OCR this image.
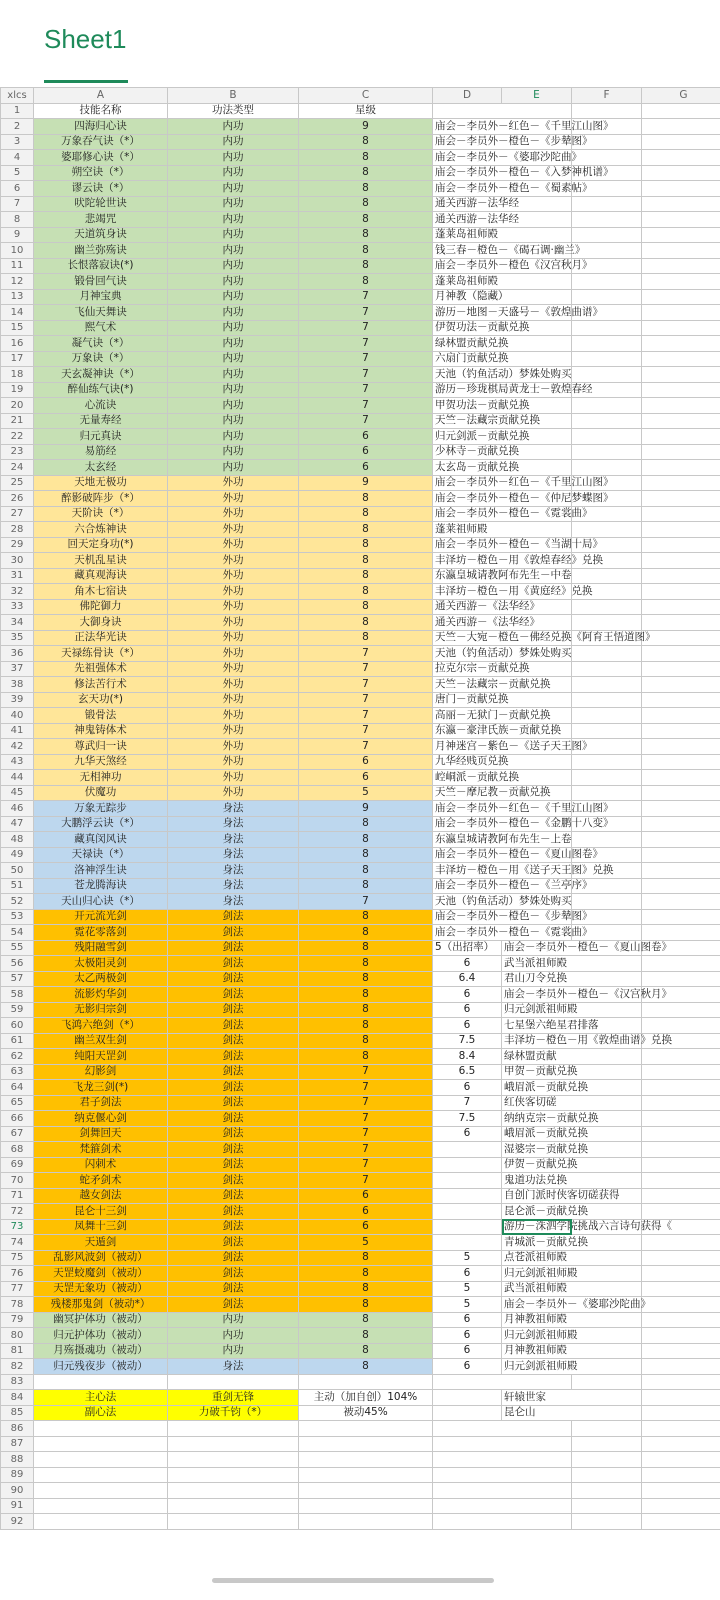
Sheet1
xlcs	A	B	C	D	E	F	G	
1	技能名称	功法类型	星级					
2	四海归心诀	内功	9	庙会－李员外－红色－《千里江山图》				
3	万象吞气诀（*）	内功	8	庙会－李员外－橙色－《步辇图》				
4	婆耶修心诀（*）	内功	8	庙会－李员外－《婆耶沙陀曲》				
5	朔空诀（*）	内功	8	庙会－李员外－橙色－《入梦神机谱》				
6	谬云诀（*）	内功	8	庙会－李员外－橙色－《蜀素帖》				
7	吠陀轮世诀	内功	8	通关西游－法华经				
8	悲竭咒	内功	8	通关西游－法华经				
9	天道筑身诀	内功	8	蓬莱岛祖师殿				
10	幽兰弥殇诀	内功	8	钱三春－橙色－《碣石调·幽兰》				
11	长恨落寂诀(*)	内功	8	庙会－李员外－橙色《汉宫秋月》				
12	锻骨回气诀	内功	8	蓬莱岛祖师殿				
13	月神宝典	内功	7	月神教（隐藏）				
14	飞仙天舞诀	内功	7	游历－地图－天盛号－《敦煌曲谱》				
15	熙气术	内功	7	伊贺功法－贡献兑换				
16	凝气诀（*）	内功	7	绿林盟贡献兑换				
17	万象诀（*）	内功	7	六扇门贡献兑换				
18	天玄凝神诀（*）	内功	7	天池（钓鱼活动）梦姝处购买				
19	醉仙练气诀(*)	内功	7	游历－珍珑棋局黄龙士－敦煌春经				
20	心流诀	内功	7	甲贺功法－贡献兑换				
21	无量寿经	内功	7	天竺－法藏宗贡献兑换				
22	归元真诀	内功	6	归元剑派－贡献兑换				
23	易筋经	内功	6	少林寺－贡献兑换				
24	太玄经	内功	6	太玄岛－贡献兑换				
25	天地无极功	外功	9	庙会－李员外－红色－《千里江山图》				
26	醉影破阵步（*）	外功	8	庙会－李员外－橙色－《仲尼梦蝶图》				
27	天阶诀（*）	外功	8	庙会－李员外－橙色－《霓裳曲》				
28	六合炼神诀	外功	8	蓬莱祖师殿				
29	回天定身功(*)	外功	8	庙会－李员外－橙色－《当湖十局》				
30	天机乱星诀	外功	8	丰泽坊－橙色－用《敦煌春经》兑换				
31	藏真观海诀	外功	8	东瀛皇城请教阿布先生－中卷				
32	角木七宿诀	外功	8	丰泽坊－橙色－用《黄庭经》兑换				
33	佛陀御力	外功	8	通关西游－《法华经》				
34	大御身诀	外功	8	通关西游－《法华经》				
35	正法华光诀	外功	8	天竺－大宛－橙色－佛经兑换《阿育王悟道图》				
36	天禄练骨诀（*）	外功	7	天池（钓鱼活动）梦姝处购买				
37	先祖强体术	外功	7	拉克尔宗－贡献兑换				
38	修法苦行术	外功	7	天竺－法藏宗－贡献兑换				
39	玄天功(*)	外功	7	唐门－贡献兑换				
40	锻骨法	外功	7	高丽－无狱门－贡献兑换				
41	神鬼铸体术	外功	7	东瀛－豪津氏族－贡献兑换				
42	尊武归一诀	外功	7	月神迷宫－紫色－《送子天王图》				
43	九华天煞经	外功	6	九华经贱页兑换				
44	无相神功	外功	6	崆峒派－贡献兑换				
45	伏魔功	外功	5	天竺－摩尼教－贡献兑换				
46	万象无踪步	身法	9	庙会－李员外－红色－《千里江山图》				
47	大鹏浮云诀（*）	身法	8	庙会－李员外－橙色－《金鹏十八变》				
48	藏真闵风诀	身法	8	东瀛皇城请教阿布先生－上卷				
49	天禄诀（*）	身法	8	庙会－李员外－橙色－《夏山图卷》				
50	洛神浮生诀	身法	8	丰泽坊－橙色－用《送子天王图》兑换				
51	苍龙腾海诀	身法	8	庙会－李员外－橙色－《兰亭序》				
52	天山归心诀（*）	身法	7	天池（钓鱼活动）梦姝处购买				
53	开元流光剑	剑法	8	庙会－李员外－橙色－《步辇图》				
54	霓花零落剑	剑法	8	庙会－李员外－橙色－《霓裳曲》				
55	残阳融雪剑	剑法	8	5（出招率）	庙会－李员外－橙色－《夏山图卷》			
56	太极阳灵剑	剑法	8	6	武当派祖师殿			
57	太乙两极剑	剑法	8	6.4	君山刀令兑换			
58	流影灼华剑	剑法	8	6	庙会－李员外－橙色－《汉宫秋月》			
59	无影归宗剑	剑法	8	6	归元剑派祖师殿			
60	飞鸿六绝剑（*）	剑法	8	6	七星堡六绝星君排落			
61	幽兰双生剑	剑法	8	7.5	丰泽坊－橙色－用《敦煌曲谱》兑换			
62	纯阳天罡剑	剑法	8	8.4	绿林盟贡献			
63	幻影剑	剑法	7	6.5	甲贺－贡献兑换			
64	飞龙三剑(*)	剑法	7	6	峨眉派－贡献兑换			
65	君子剑法	剑法	7	7	红侠客切磋			
66	纳克偃心剑	剑法	7	7.5	纳纳克宗－贡献兑换			
67	剑舞回天	剑法	7	6	峨眉派－贡献兑换			
68	梵箍剑术	剑法	7		湿婆宗－贡献兑换			
69	闪刺术	剑法	7		伊贺－贡献兑换			
70	蛇矛剑术	剑法	7		鬼道功法兑换			
71	越女剑法	剑法	6		自创门派时侠客切磋获得			
72	昆仑十三剑	剑法	6		昆仑派－贡献兑换			
73	凤舞十三剑	剑法	6		游历－洙泗学院挑战六言诗句获得《			
74	天遁剑	剑法	5		青城派－贡献兑换			
75	乱影风波剑（被动）	剑法	8	5	点苍派祖师殿			
76	天罡蛟魔剑（被动）	剑法	8	6	归元剑派祖师殿			
77	天罡无象功（被动）	剑法	8	5	武当派祖师殿			
78	残楼那鬼剑（被动*）	剑法	8	5	庙会－李员外－《婆耶沙陀曲》			
79	幽冥护体功（被动）	内功	8	6	月神教祖师殿			
80	归元护体功（被动）	内功	8	6	归元剑派祖师殿			
81	月殇摄魂功（被动）	内功	8	6	月神教祖师殿			
82	归元残夜步（被动）	身法	8	6	归元剑派祖师殿			
83								
84	主心法	重剑无锋	主动（加自创）104%		轩辕世家			
85	副心法	力破千钧（*）	被动45%		昆仑山			
86								
87								
88								
89								
90								
91								
92								
